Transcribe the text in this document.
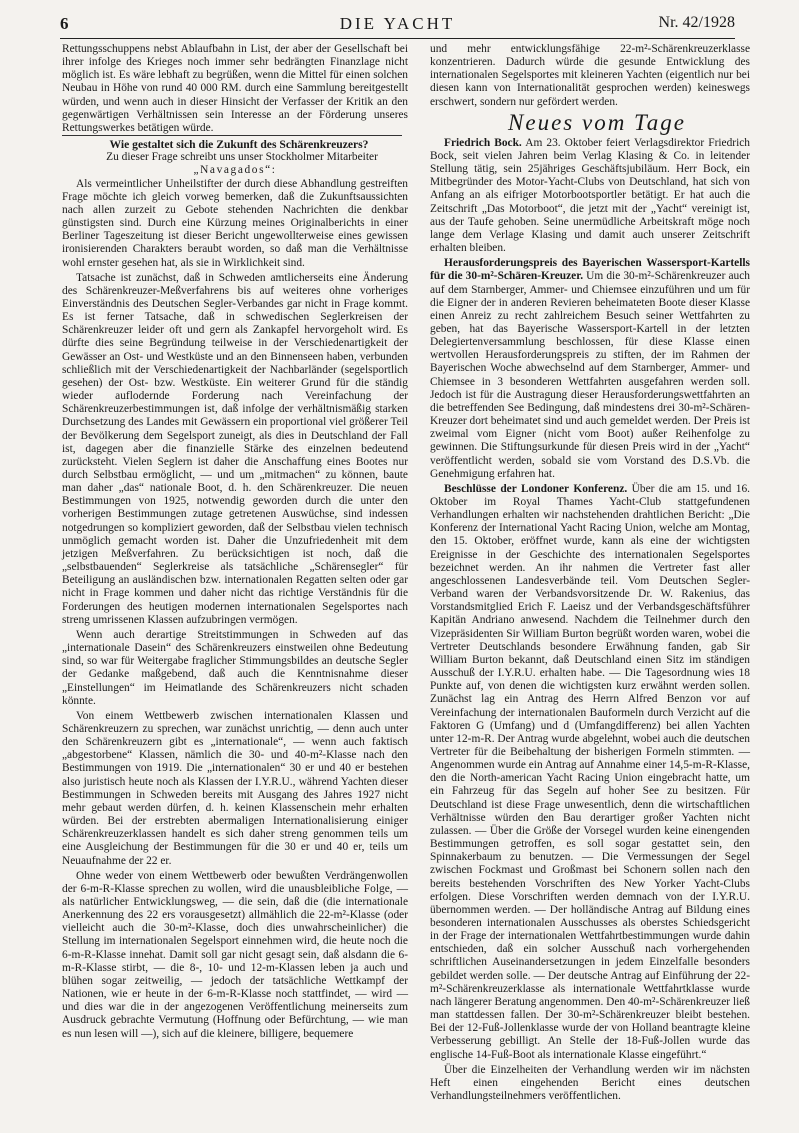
6	DIE YACHT	Nr. 42/1928

Rettungsschuppens nebst Ablaufbahn in List, der aber der Gesellschaft bei ihrer infolge des Krieges noch immer sehr bedrängten Finanzlage nicht möglich ist. Es wäre lebhaft zu begrüßen, wenn die Mittel für einen solchen Neubau in Höhe von rund 40 000 RM. durch eine Sammlung bereitgestellt würden, und wenn auch in dieser Hinsicht der Verfasser der Kritik an den gegenwärtigen Verhältnissen sein Interesse an der Förderung unseres Rettungswerkes betätigen würde.

Wie gestaltet sich die Zukunft des Schärenkreuzers?

Zu dieser Frage schreibt uns unser Stockholmer Mitarbeiter „Navagados“:

Als vermeintlicher Unheilstifter der durch diese Abhandlung gestreiften Frage möchte ich gleich vorweg bemerken, daß die Zukunftsaussichten nach allen zurzeit zu Gebote stehenden Nachrichten die denkbar günstigsten sind. Durch eine Kürzung meines Originalberichts in einer Berliner Tageszeitung ist dieser Bericht ungewollterweise eines gewissen ironisierenden Charakters beraubt worden, so daß man die Verhältnisse wohl ernster gesehen hat, als sie in Wirklichkeit sind.

Tatsache ist zunächst, daß in Schweden amtlicherseits eine Änderung des Schärenkreuzer-Meßverfahrens bis auf weiteres ohne vorheriges Einverständnis des Deutschen Segler-Verbandes gar nicht in Frage kommt. Es ist ferner Tatsache, daß in schwedischen Seglerkreisen der Schärenkreuzer leider oft und gern als Zankapfel hervorgeholt wird. Es dürfte dies seine Begründung teilweise in der Verschiedenartigkeit der Gewässer an Ost- und Westküste und an den Binnenseen haben, verbunden schließlich mit der Verschiedenartigkeit der Nachbarländer (segelsportlich gesehen) der Ost- bzw. Westküste. Ein weiterer Grund für die ständig wieder auflodernde Forderung nach Vereinfachung der Schärenkreuzerbestimmungen ist, daß infolge der verhältnismäßig starken Durchsetzung des Landes mit Gewässern ein proportional viel größerer Teil der Bevölkerung dem Segelsport zuneigt, als dies in Deutschland der Fall ist, dagegen aber die finanzielle Stärke des einzelnen bedeutend zurücksteht. Vielen Seglern ist daher die Anschaffung eines Bootes nur durch Selbstbau ermöglicht, — und um „mitmachen“ zu können, baute man daher „das“ nationale Boot, d. h. den Schärenkreuzer. Die neuen Bestimmungen von 1925, notwendig geworden durch die unter den vorherigen Bestimmungen zutage getretenen Auswüchse, sind indessen notgedrungen so kompliziert geworden, daß der Selbstbau vielen technisch unmöglich gemacht worden ist. Daher die Unzufriedenheit mit dem jetzigen Meßverfahren. Zu berücksichtigen ist noch, daß die „selbstbauenden“ Seglerkreise als tatsächliche „Schärensegler“ für Beteiligung an ausländischen bzw. internationalen Regatten selten oder gar nicht in Frage kommen und daher nicht das richtige Verständnis für die Forderungen des heutigen modernen internationalen Segelsportes nach streng umrissenen Klassen aufzubringen vermögen.

Wenn auch derartige Streitstimmungen in Schweden auf das „internationale Dasein“ des Schärenkreuzers einstweilen ohne Bedeutung sind, so war für Weitergabe fraglicher Stimmungsbildes an deutsche Segler der Gedanke maßgebend, daß auch die Kenntnisnahme dieser „Einstellungen“ im Heimatlande des Schärenkreuzers nicht schaden könnte.

Von einem Wettbewerb zwischen internationalen Klassen und Schärenkreuzern zu sprechen, war zunächst unrichtig, — denn auch unter den Schärenkreuzern gibt es „internationale“, — wenn auch faktisch „abgestorbene“ Klassen, nämlich die 30- und 40-m²-Klasse nach den Bestimmungen von 1919. Die „internationalen“ 30 er und 40 er bestehen also juristisch heute noch als Klassen der I.Y.R.U., während Yachten dieser Bestimmungen in Schweden bereits mit Ausgang des Jahres 1927 nicht mehr gebaut werden dürfen, d. h. keinen Klassenschein mehr erhalten würden. Bei der erstrebten abermaligen Internationalisierung einiger Schärenkreuzerklassen handelt es sich daher streng genommen teils um eine Ausgleichung der Bestimmungen für die 30 er und 40 er, teils um Neuaufnahme der 22 er.

Ohne weder von einem Wettbewerb oder bewußten Verdrängenwollen der 6-m-R-Klasse sprechen zu wollen, wird die unausbleibliche Folge, — als natürlicher Entwicklungsweg, — die sein, daß die (die internationale Anerkennung des 22 ers vorausgesetzt) allmählich die 22-m²-Klasse (oder vielleicht auch die 30-m²-Klasse, doch dies unwahrscheinlicher) die Stellung im internationalen Segelsport einnehmen wird, die heute noch die 6-m-R-Klasse innehat. Damit soll gar nicht gesagt sein, daß alsdann die 6-m-R-Klasse stirbt, — die 8-, 10- und 12-m-Klassen leben ja auch und blühen sogar zeitweilig, — jedoch der tatsächliche Wettkampf der Nationen, wie er heute in der 6-m-R-Klasse noch stattfindet, — wird — und dies war die in der angezogenen Veröffentlichung meinerseits zum Ausdruck gebrachte Vermutung (Hoffnung oder Befürchtung, — wie man es nun lesen will —), sich auf die kleinere, billigere, bequemere

und mehr entwicklungsfähige 22-m²-Schärenkreuzerklasse konzentrieren. Dadurch würde die gesunde Entwicklung des internationalen Segelsportes mit kleineren Yachten (eigentlich nur bei diesen kann von Internationalität gesprochen werden) keineswegs erschwert, sondern nur gefördert werden.

Neues vom Tage

Friedrich Bock. Am 23. Oktober feiert Verlagsdirektor Friedrich Bock, seit vielen Jahren beim Verlag Klasing & Co. in leitender Stellung tätig, sein 25jähriges Geschäftsjubiläum. Herr Bock, ein Mitbegründer des Motor-Yacht-Clubs von Deutschland, hat sich von Anfang an als eifriger Motorbootsportler betätigt. Er hat auch die Zeitschrift „Das Motorboot“, die jetzt mit der „Yacht“ vereinigt ist, aus der Taufe gehoben. Seine unermüdliche Arbeitskraft möge noch lange dem Verlage Klasing und damit auch unserer Zeitschrift erhalten bleiben.

Herausforderungspreis des Bayerischen Wassersport-Kartells für die 30-m²-Schären-Kreuzer. Um die 30-m²-Schärenkreuzer auch auf dem Starnberger, Ammer- und Chiemsee einzuführen und um für die Eigner der in anderen Revieren beheimateten Boote dieser Klasse einen Anreiz zu recht zahlreichem Besuch seiner Wettfahrten zu geben, hat das Bayerische Wassersport-Kartell in der letzten Delegiertenversammlung beschlossen, für diese Klasse einen wertvollen Herausforderungspreis zu stiften, der im Rahmen der Bayerischen Woche abwechselnd auf dem Starnberger, Ammer- und Chiemsee in 3 besonderen Wettfahrten ausgefahren werden soll. Jedoch ist für die Austragung dieser Herausforderungswettfahrten an die betreffenden See Bedingung, daß mindestens drei 30-m²-Schären-Kreuzer dort beheimatet sind und auch gemeldet werden. Der Preis ist zweimal vom Eigner (nicht vom Boot) außer Reihenfolge zu gewinnen. Die Stiftungsurkunde für diesen Preis wird in der „Yacht“ veröffentlicht werden, sobald sie vom Vorstand des D.S.Vb. die Genehmigung erfahren hat.

Beschlüsse der Londoner Konferenz. Über die am 15. und 16. Oktober im Royal Thames Yacht-Club stattgefundenen Verhandlungen erhalten wir nachstehenden drahtlichen Bericht: „Die Konferenz der International Yacht Racing Union, welche am Montag, den 15. Oktober, eröffnet wurde, kann als eine der wichtigsten Ereignisse in der Geschichte des internationalen Segelsportes bezeichnet werden. An ihr nahmen die Vertreter fast aller angeschlossenen Landesverbände teil. Vom Deutschen Segler-Verband waren der Verbandsvorsitzende Dr. W. Rakenius, das Vorstandsmitglied Erich F. Laeisz und der Verbandsgeschäftsführer Kapitän Andriano anwesend. Nachdem die Teilnehmer durch den Vizepräsidenten Sir William Burton begrüßt worden waren, wobei die Vertreter Deutschlands besondere Erwähnung fanden, gab Sir William Burton bekannt, daß Deutschland einen Sitz im ständigen Ausschuß der I.Y.R.U. erhalten habe. — Die Tagesordnung wies 18 Punkte auf, von denen die wichtigsten kurz erwähnt werden sollen. Zunächst lag ein Antrag des Herrn Alfred Benzon vor auf Vereinfachung der internationalen Bauformeln durch Verzicht auf die Faktoren G (Umfang) und d (Umfangdifferenz) bei allen Yachten unter 12-m-R. Der Antrag wurde abgelehnt, wobei auch die deutschen Vertreter für die Beibehaltung der bisherigen Formeln stimmten. — Angenommen wurde ein Antrag auf Annahme einer 14,5-m-R-Klasse, den die North-american Yacht Racing Union eingebracht hatte, um ein Fahrzeug für das Segeln auf hoher See zu besitzen. Für Deutschland ist diese Frage unwesentlich, denn die wirtschaftlichen Verhältnisse würden den Bau derartiger großer Yachten nicht zulassen. — Über die Größe der Vorsegel wurden keine einengenden Bestimmungen getroffen, es soll sogar gestattet sein, den Spinnakerbaum zu benutzen. — Die Vermessungen der Segel zwischen Fockmast und Großmast bei Schonern sollen nach den bereits bestehenden Vorschriften des New Yorker Yacht-Clubs erfolgen. Diese Vorschriften werden demnach von der I.Y.R.U. übernommen werden. — Der holländische Antrag auf Bildung eines besonderen internationalen Ausschusses als oberstes Schiedsgericht in der Frage der internationalen Wettfahrtbestimmungen wurde dahin entschieden, daß ein solcher Ausschuß nach vorhergehenden schriftlichen Auseinandersetzungen in jedem Einzelfalle besonders gebildet werden solle. — Der deutsche Antrag auf Einführung der 22-m²-Schärenkreuzerklasse als internationale Wettfahrtklasse wurde nach längerer Beratung angenommen. Den 40-m²-Schärenkreuzer ließ man stattdessen fallen. Der 30-m²-Schärenkreuzer bleibt bestehen. Bei der 12-Fuß-Jollenklasse wurde der von Holland beantragte kleine Verbesserung gebilligt. An Stelle der 18-Fuß-Jollen wurde das englische 14-Fuß-Boot als internationale Klasse eingeführt.“

Über die Einzelheiten der Verhandlung werden wir im nächsten Heft einen eingehenden Bericht eines deutschen Verhandlungsteilnehmers veröffentlichen.
